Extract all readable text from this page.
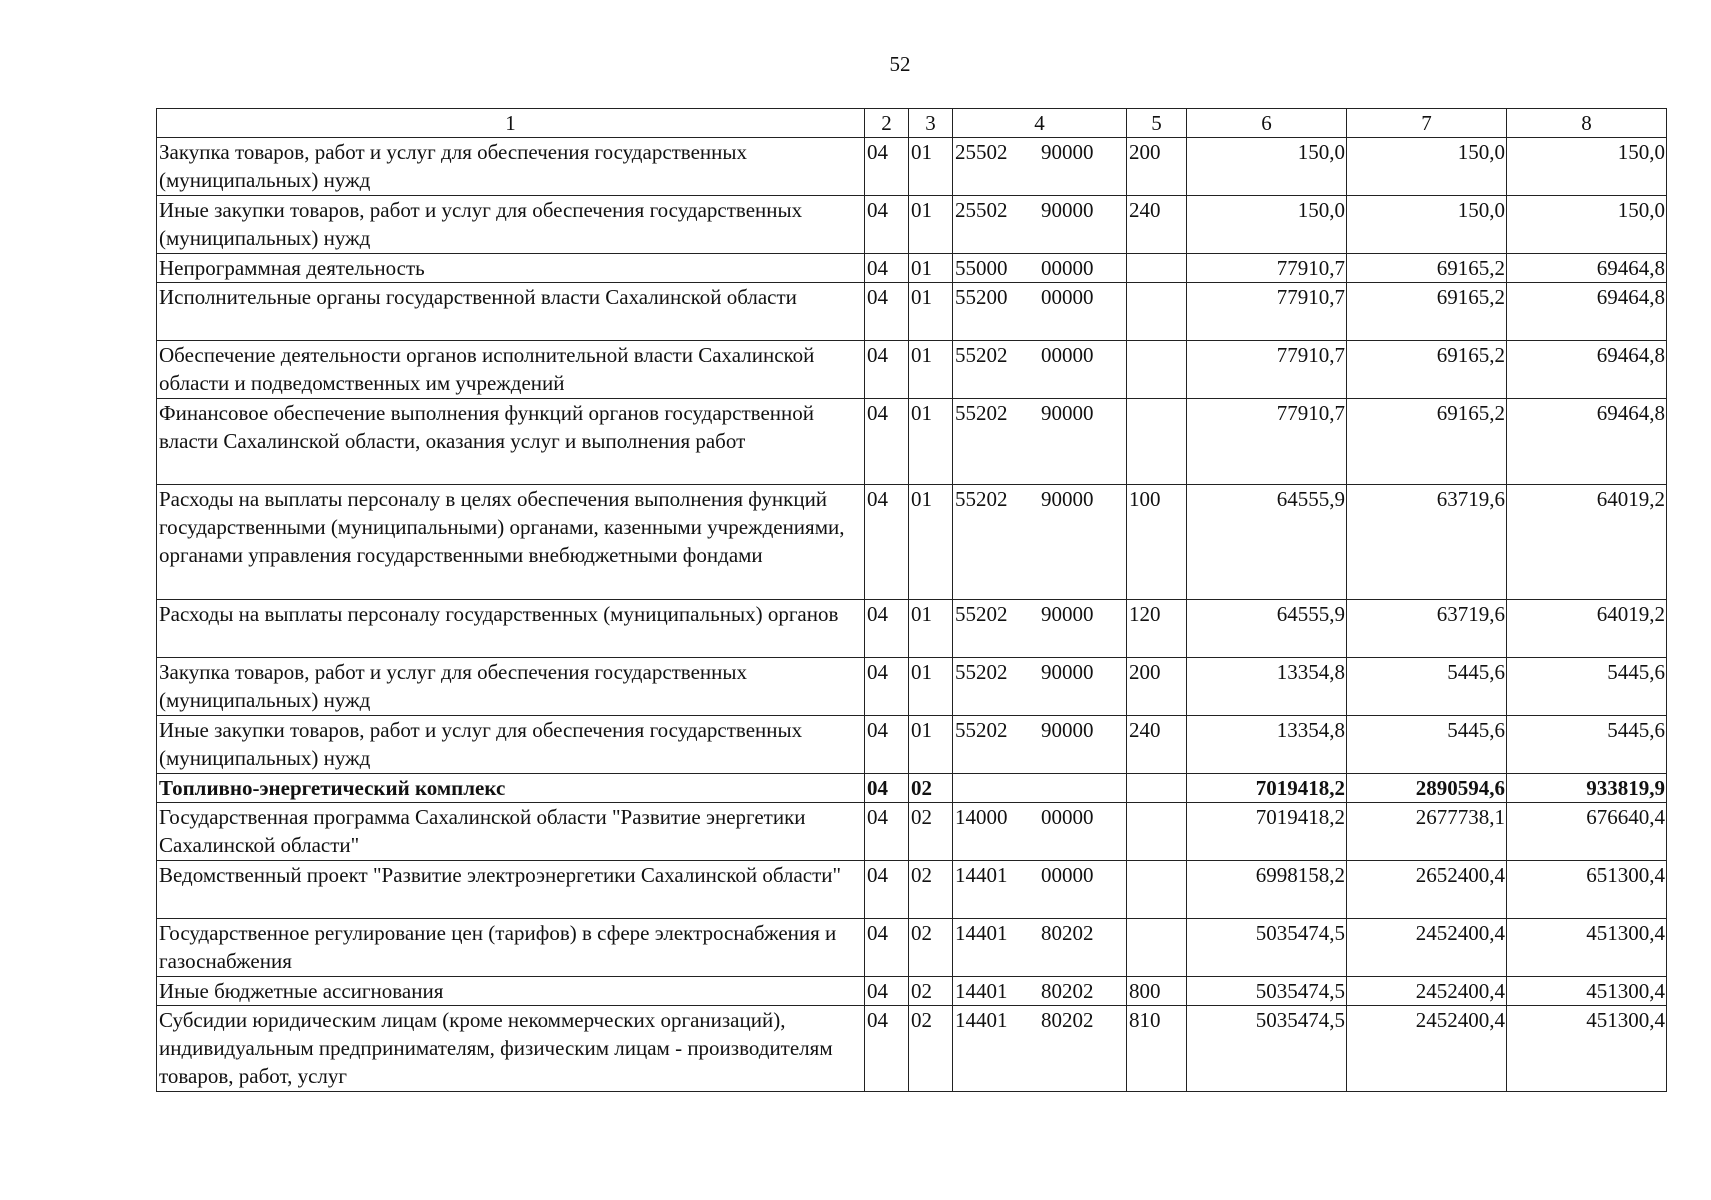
52
1	2	3	4	5	6	7	8
Закупка товаров, работ и услуг для обеспечения государственных (муниципальных) нужд	04	01	25502 90000	200	150,0	150,0	150,0
Иные закупки товаров, работ и услуг для обеспечения государственных (муниципальных) нужд	04	01	25502 90000	240	150,0	150,0	150,0
Непрограммная деятельность	04	01	55000 00000		77910,7	69165,2	69464,8
Исполнительные органы государственной власти Сахалинской области	04	01	55200 00000		77910,7	69165,2	69464,8
Обеспечение деятельности органов исполнительной власти Сахалинской области и подведомственных им учреждений	04	01	55202 00000		77910,7	69165,2	69464,8
Финансовое обеспечение выполнения функций органов государственной власти Сахалинской области, оказания услуг и выполнения работ	04	01	55202 90000		77910,7	69165,2	69464,8
Расходы на выплаты персоналу в целях обеспечения выполнения функций государственными (муниципальными) органами, казенными учреждениями, органами управления государственными внебюджетными фондами	04	01	55202 90000	100	64555,9	63719,6	64019,2
Расходы на выплаты персоналу государственных (муниципальных) органов	04	01	55202 90000	120	64555,9	63719,6	64019,2
Закупка товаров, работ и услуг для обеспечения государственных (муниципальных) нужд	04	01	55202 90000	200	13354,8	5445,6	5445,6
Иные закупки товаров, работ и услуг для обеспечения государственных (муниципальных) нужд	04	01	55202 90000	240	13354,8	5445,6	5445,6
Топливно-энергетический комплекс	04	02			7019418,2	2890594,6	933819,9
Государственная программа Сахалинской области "Развитие энергетики Сахалинской области"	04	02	14000 00000		7019418,2	2677738,1	676640,4
Ведомственный проект "Развитие электроэнергетики Сахалинской области"	04	02	14401 00000		6998158,2	2652400,4	651300,4
Государственное регулирование цен (тарифов) в сфере электроснабжения и газоснабжения	04	02	14401 80202		5035474,5	2452400,4	451300,4
Иные бюджетные ассигнования	04	02	14401 80202	800	5035474,5	2452400,4	451300,4
Субсидии юридическим лицам (кроме некоммерческих организаций), индивидуальным предпринимателям, физическим лицам - производителям товаров, работ, услуг	04	02	14401 80202	810	5035474,5	2452400,4	451300,4
